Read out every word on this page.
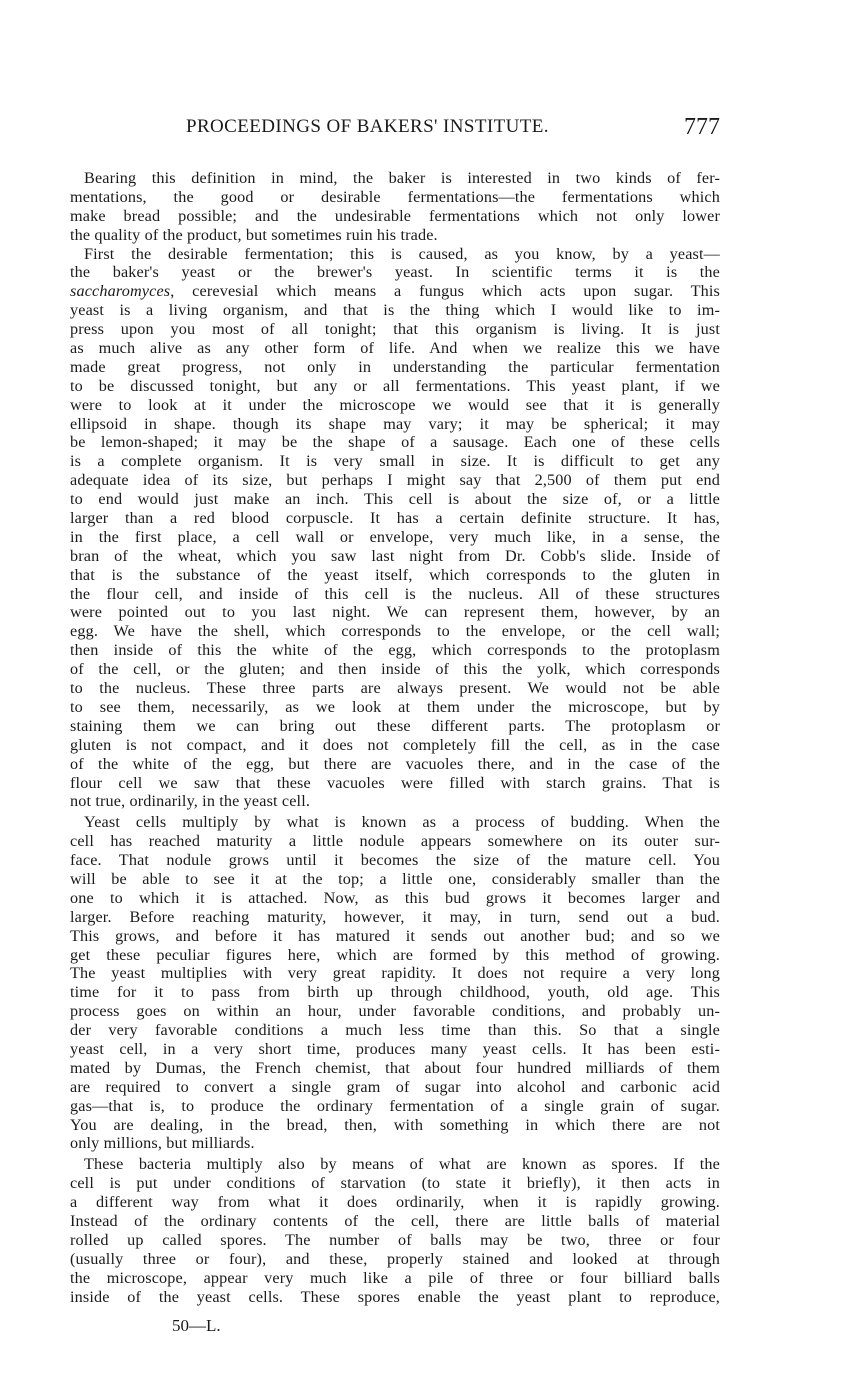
PROCEEDINGS OF BAKERS' INSTITUTE.	777
Bearing this definition in mind, the baker is interested in two kinds of fer-
mentations, the good or desirable fermentations—the fermentations which
make bread possible; and the undesirable fermentations which not only lower
the quality of the product, but sometimes ruin his trade.
First the desirable fermentation; this is caused, as you know, by a yeast—
the baker's yeast or the brewer's yeast. In scientific terms it is the
saccharomyces, cerevesial which means a fungus which acts upon sugar. This
yeast is a living organism, and that is the thing which I would like to im-
press upon you most of all tonight; that this organism is living. It is just
as much alive as any other form of life. And when we realize this we have
made great progress, not only in understanding the particular fermentation
to be discussed tonight, but any or all fermentations. This yeast plant, if we
were to look at it under the microscope we would see that it is generally
ellipsoid in shape. though its shape may vary; it may be spherical; it may
be lemon-shaped; it may be the shape of a sausage. Each one of these cells
is a complete organism. It is very small in size. It is difficult to get any
adequate idea of its size, but perhaps I might say that 2,500 of them put end
to end would just make an inch. This cell is about the size of, or a little
larger than a red blood corpuscle. It has a certain definite structure. It has,
in the first place, a cell wall or envelope, very much like, in a sense, the
bran of the wheat, which you saw last night from Dr. Cobb's slide. Inside of
that is the substance of the yeast itself, which corresponds to the gluten in
the flour cell, and inside of this cell is the nucleus. All of these structures
were pointed out to you last night. We can represent them, however, by an
egg. We have the shell, which corresponds to the envelope, or the cell wall;
then inside of this the white of the egg, which corresponds to the protoplasm
of the cell, or the gluten; and then inside of this the yolk, which corresponds
to the nucleus. These three parts are always present. We would not be able
to see them, necessarily, as we look at them under the microscope, but by
staining them we can bring out these different parts. The protoplasm or
gluten is not compact, and it does not completely fill the cell, as in the case
of the white of the egg, but there are vacuoles there, and in the case of the
flour cell we saw that these vacuoles were filled with starch grains. That is
not true, ordinarily, in the yeast cell.
Yeast cells multiply by what is known as a process of budding. When the
cell has reached maturity a little nodule appears somewhere on its outer sur-
face. That nodule grows until it becomes the size of the mature cell. You
will be able to see it at the top; a little one, considerably smaller than the
one to which it is attached. Now, as this bud grows it becomes larger and
larger. Before reaching maturity, however, it may, in turn, send out a bud.
This grows, and before it has matured it sends out another bud; and so we
get these peculiar figures here, which are formed by this method of growing.
The yeast multiplies with very great rapidity. It does not require a very long
time for it to pass from birth up through childhood, youth, old age. This
process goes on within an hour, under favorable conditions, and probably un-
der very favorable conditions a much less time than this. So that a single
yeast cell, in a very short time, produces many yeast cells. It has been esti-
mated by Dumas, the French chemist, that about four hundred milliards of them
are required to convert a single gram of sugar into alcohol and carbonic acid
gas—that is, to produce the ordinary fermentation of a single grain of sugar.
You are dealing, in the bread, then, with something in which there are not
only millions, but milliards.
These bacteria multiply also by means of what are known as spores. If the
cell is put under conditions of starvation (to state it briefly), it then acts in
a different way from what it does ordinarily, when it is rapidly growing.
Instead of the ordinary contents of the cell, there are little balls of material
rolled up called spores. The number of balls may be two, three or four
(usually three or four), and these, properly stained and looked at through
the microscope, appear very much like a pile of three or four billiard balls
inside of the yeast cells. These spores enable the yeast plant to reproduce,
50—L.
